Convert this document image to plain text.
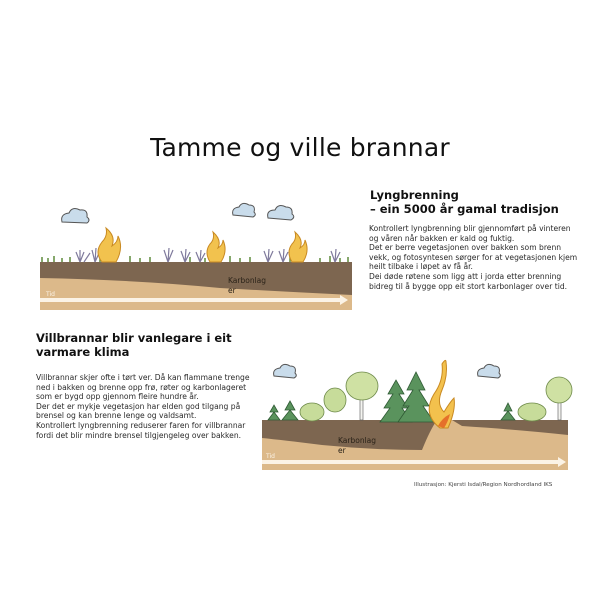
Tamme og ville brannar
Karbonlag
er
Tid
Lyngbrenning
– ein 5000 år gamal tradisjon

Kontrollert lyngbrenning blir gjennomført på vinteren og våren når bakken er kald og fuktig.

Det er berre vegetasjonen over bakken som brenn vekk, og fotosyntesen sørger for at vegetasjonen kjem heilt tilbake i løpet av få år.

Dei døde røtene som ligg att i jorda etter brenning bidreg til å bygge opp eit stort karbonlager over tid.

Villbrannar blir vanlegare i eit
varmare klima

Villbrannar skjer ofte i tørt ver. Då kan flammane trenge ned i bakken og brenne opp frø, røter og karbonlageret som er bygd opp gjennom fleire hundre år.

Der det er mykje vegetasjon har elden god tilgang på brensel og kan brenne lenge og valdsamt.

Kontrollert lyngbrenning reduserer faren for villbrannar fordi det blir mindre brensel tilgjengeleg over bakken.

Karbonlag
er
Tid
Illustrasjon: Kjersti Isdal/Region Nordhordland IKS
